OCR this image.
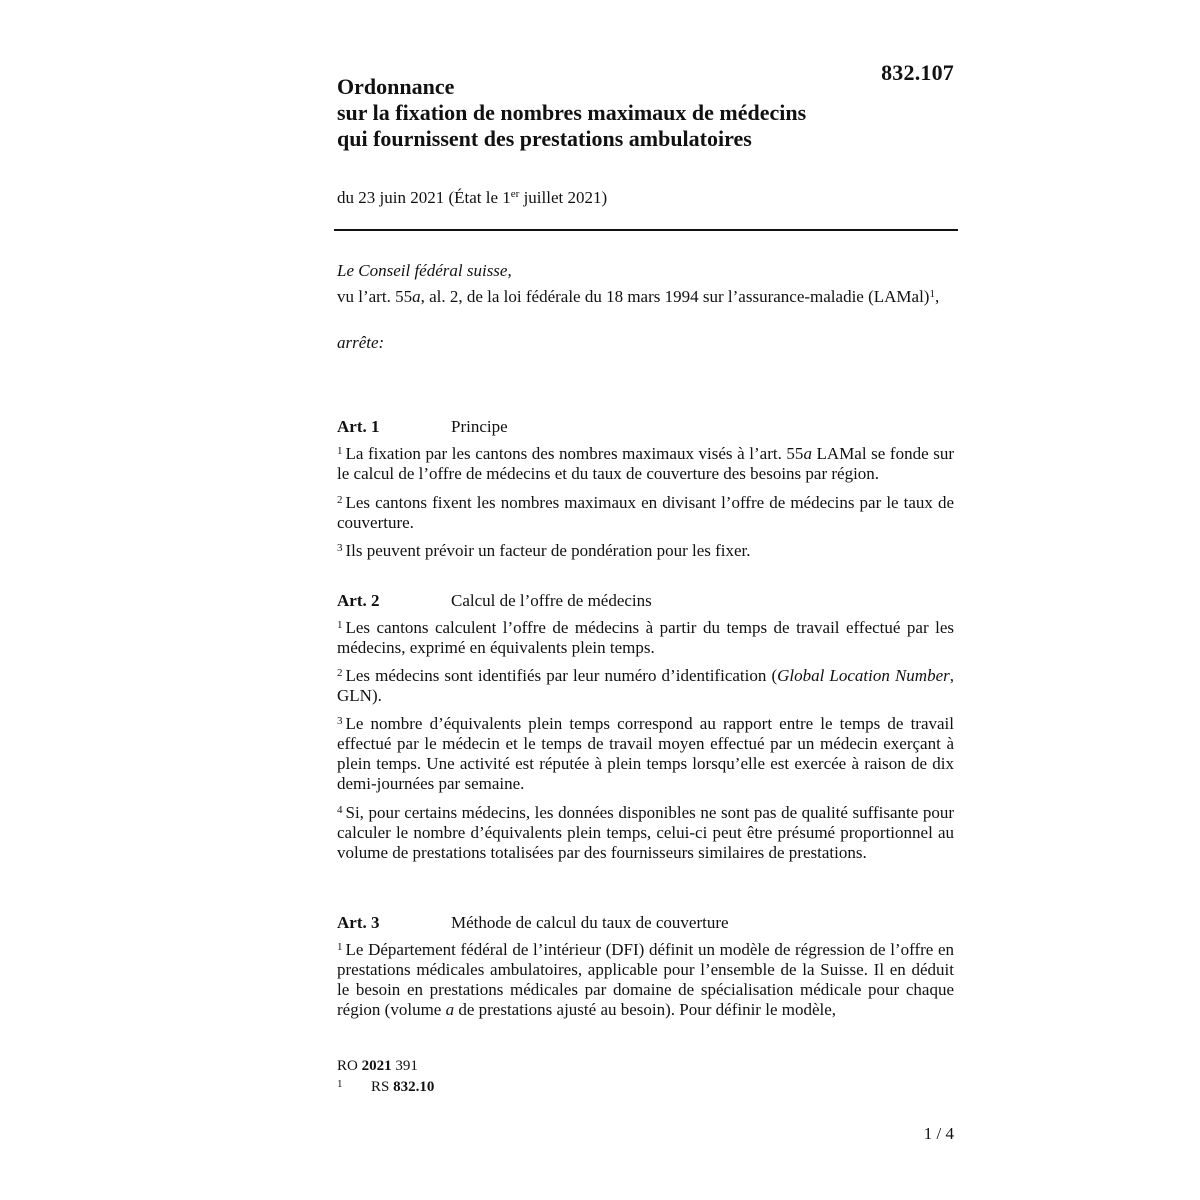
832.107
Ordonnance
sur la fixation de nombres maximaux de médecins
qui fournissent des prestations ambulatoires
du 23 juin 2021 (État le 1er juillet 2021)
Le Conseil fédéral suisse,
vu l’art. 55a, al. 2, de la loi fédérale du 18 mars 1994 sur l’assurance-maladie (LAMal)$^1$,
arrête:
Art. 1	Principe
$^1$ La fixation par les cantons des nombres maximaux visés à l’art. 55a LAMal se fonde sur le calcul de l’offre de médecins et du taux de couverture des besoins par région.
$^2$ Les cantons fixent les nombres maximaux en divisant l’offre de médecins par le taux de couverture.
$^3$ Ils peuvent prévoir un facteur de pondération pour les fixer.
Art. 2	Calcul de l’offre de médecins
$^1$ Les cantons calculent l’offre de médecins à partir du temps de travail effectué par les médecins, exprimé en équivalents plein temps.
$^2$ Les médecins sont identifiés par leur numéro d’identification (Global Location Number, GLN).
$^3$ Le nombre d’équivalents plein temps correspond au rapport entre le temps de travail effectué par le médecin et le temps de travail moyen effectué par un médecin exerçant à plein temps. Une activité est réputée à plein temps lorsqu’elle est exercée à raison de dix demi-journées par semaine.
$^4$ Si, pour certains médecins, les données disponibles ne sont pas de qualité suffisante pour calculer le nombre d’équivalents plein temps, celui-ci peut être présumé proportionnel au volume de prestations totalisées par des fournisseurs similaires de prestations.
Art. 3	Méthode de calcul du taux de couverture
$^1$ Le Département fédéral de l’intérieur (DFI) définit un modèle de régression de l’offre en prestations médicales ambulatoires, applicable pour l’ensemble de la Suisse. Il en déduit le besoin en prestations médicales par domaine de spécialisation médicale pour chaque région (volume a de prestations ajusté au besoin). Pour définir le modèle,
RO 2021 391
1 RS 832.10
1 / 4
